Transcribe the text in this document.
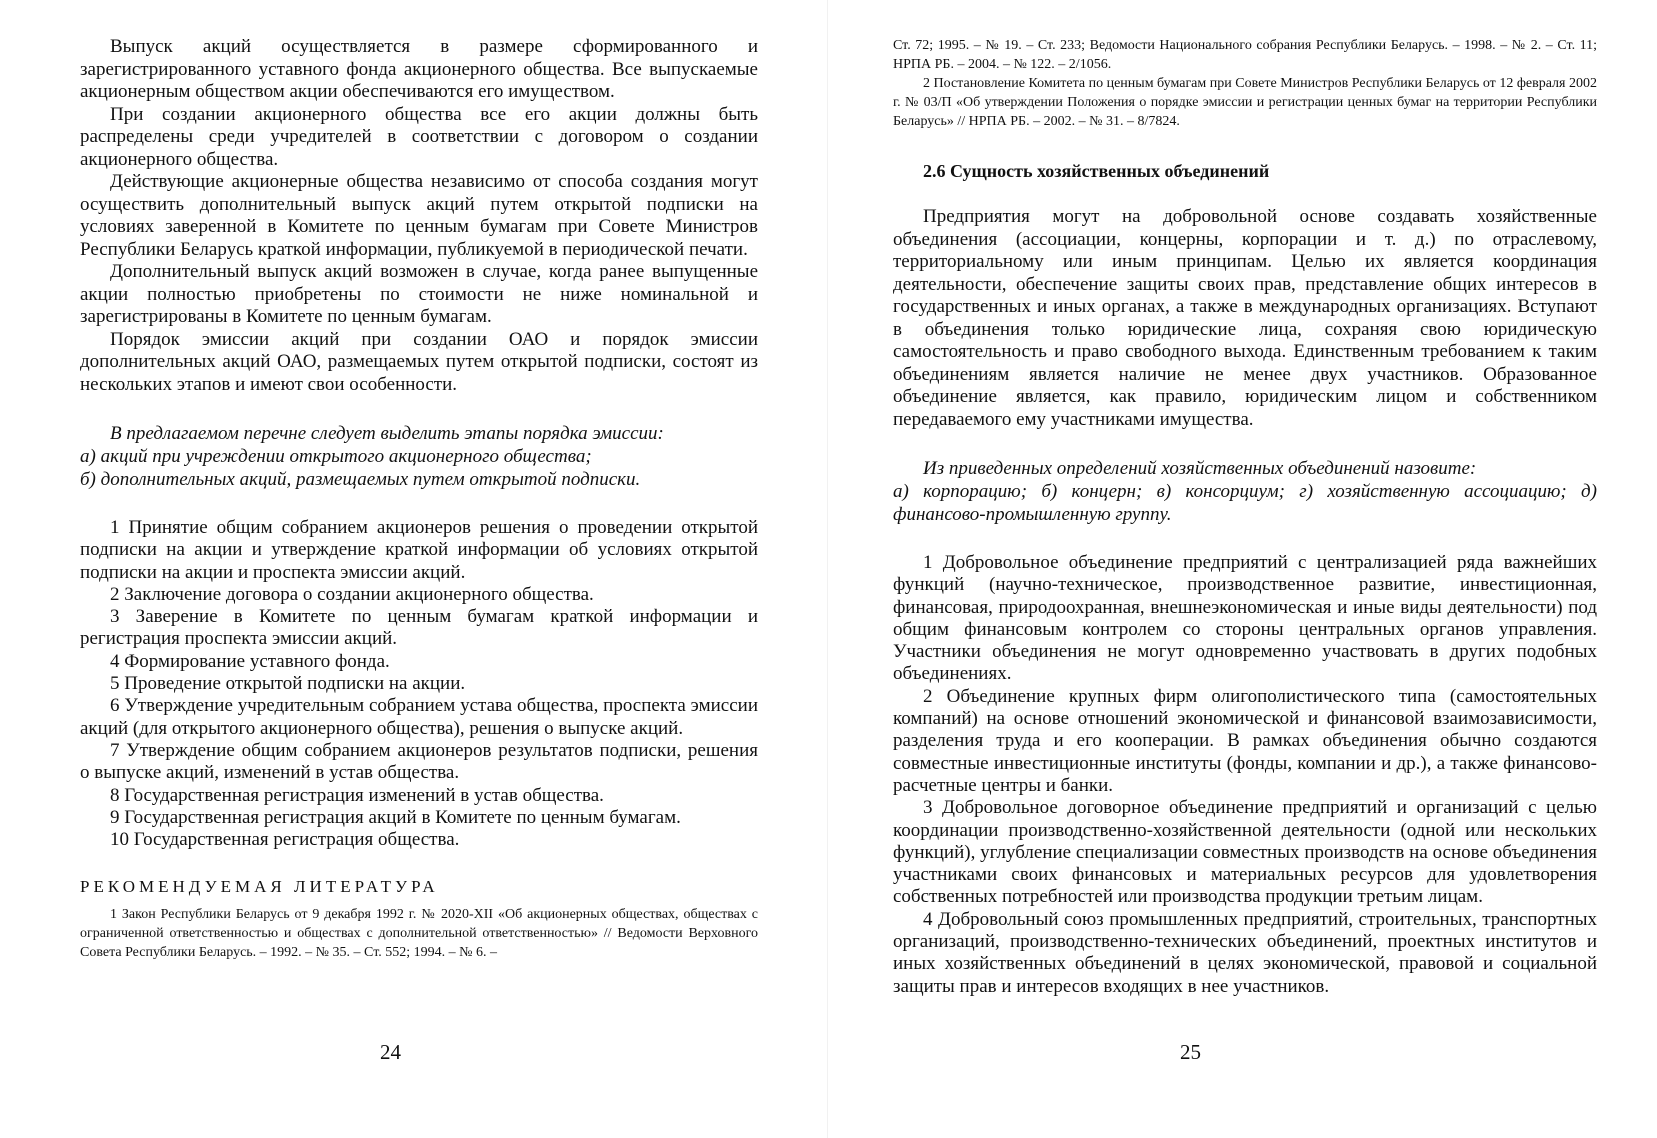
Выпуск акций осуществляется в размере сформированного и зарегистрированного уставного фонда акционерного общества. Все выпускаемые акционерным обществом акции обеспечиваются его имуществом.

При создании акционерного общества все его акции должны быть распределены среди учредителей в соответствии с договором о создании акционерного общества.

Действующие акционерные общества независимо от способа создания могут осуществить дополнительный выпуск акций путем открытой подписки на условиях заверенной в Комитете по ценным бумагам при Совете Министров Республики Беларусь краткой информации, публикуемой в периодической печати.

Дополнительный выпуск акций возможен в случае, когда ранее выпущенные акции полностью приобретены по стоимости не ниже номинальной и зарегистрированы в Комитете по ценным бумагам.

Порядок эмиссии акций при создании ОАО и порядок эмиссии дополнительных акций ОАО, размещаемых путем открытой подписки, состоят из нескольких этапов и имеют свои особенности.

В предлагаемом перечне следует выделить этапы порядка эмиссии:

а) акций при учреждении открытого акционерного общества;

б) дополнительных акций, размещаемых путем открытой подписки.

1 Принятие общим собранием акционеров решения о проведении открытой подписки на акции и утверждение краткой информации об условиях открытой подписки на акции и проспекта эмиссии акций.

2 Заключение договора о создании акционерного общества.

3 Заверение в Комитете по ценным бумагам краткой информации и регистрация проспекта эмиссии акций.

4 Формирование уставного фонда.

5 Проведение открытой подписки на акции.

6 Утверждение учредительным собранием устава общества, проспекта эмиссии акций (для открытого акционерного общества), решения о выпуске акций.

7 Утверждение общим собранием акционеров результатов подписки, решения о выпуске акций, изменений в устав общества.

8 Государственная регистрация изменений в устав общества.

9 Государственная регистрация акций в Комитете по ценным бумагам.

10 Государственная регистрация общества.

РЕКОМЕНДУЕМАЯ ЛИТЕРАТУРА

1 Закон Республики Беларусь от 9 декабря 1992 г. № 2020-XII «Об акционерных обществах, обществах с ограниченной ответственностью и обществах с дополнительной ответственностью» // Ведомости Верховного Совета Республики Беларусь. – 1992. – № 35. – Ст. 552; 1994. – № 6. –

24

Ст. 72; 1995. – № 19. – Ст. 233; Ведомости Национального собрания Республики Беларусь. – 1998. – № 2. – Ст. 11; НРПА РБ. – 2004. – № 122. – 2/1056.

2 Постановление Комитета по ценным бумагам при Совете Министров Республики Беларусь от 12 февраля 2002 г. № 03/П «Об утверждении Положения о порядке эмиссии и регистрации ценных бумаг на территории Республики Беларусь» // НРПА РБ. – 2002. – № 31. – 8/7824.

2.6 Сущность хозяйственных объединений

Предприятия могут на добровольной основе создавать хозяйственные объединения (ассоциации, концерны, корпорации и т. д.) по отраслевому, территориальному или иным принципам. Целью их является координация деятельности, обеспечение защиты своих прав, представление общих интересов в государственных и иных органах, а также в международных организациях. Вступают в объединения только юридические лица, сохраняя свою юридическую самостоятельность и право свободного выхода. Единственным требованием к таким объединениям является наличие не менее двух участников. Образованное объединение является, как правило, юридическим лицом и собственником передаваемого ему участниками имущества.

Из приведенных определений хозяйственных объединений назовите:

а) корпорацию; б) концерн; в) консорциум; г) хозяйственную ассоциацию; д) финансово-промышленную группу.

1 Добровольное объединение предприятий с централизацией ряда важнейших функций (научно-техническое, производственное развитие, инвестиционная, финансовая, природоохранная, внешнеэкономическая и иные виды деятельности) под общим финансовым контролем со стороны центральных органов управления. Участники объединения не могут одновременно участвовать в других подобных объединениях.

2 Объединение крупных фирм олигополистического типа (самостоятельных компаний) на основе отношений экономической и финансовой взаимозависимости, разделения труда и его кооперации. В рамках объединения обычно создаются совместные инвестиционные институты (фонды, компании и др.), а также финансово-расчетные центры и банки.

3 Добровольное договорное объединение предприятий и организаций с целью координации производственно-хозяйственной деятельности (одной или нескольких функций), углубление специализации совместных производств на основе объединения участниками своих финансовых и материальных ресурсов для удовлетворения собственных потребностей или производства продукции третьим лицам.

4 Добровольный союз промышленных предприятий, строительных, транспортных организаций, производственно-технических объединений, проектных институтов и иных хозяйственных объединений в целях экономической, правовой и социальной защиты прав и интересов входящих в нее участников.

25
